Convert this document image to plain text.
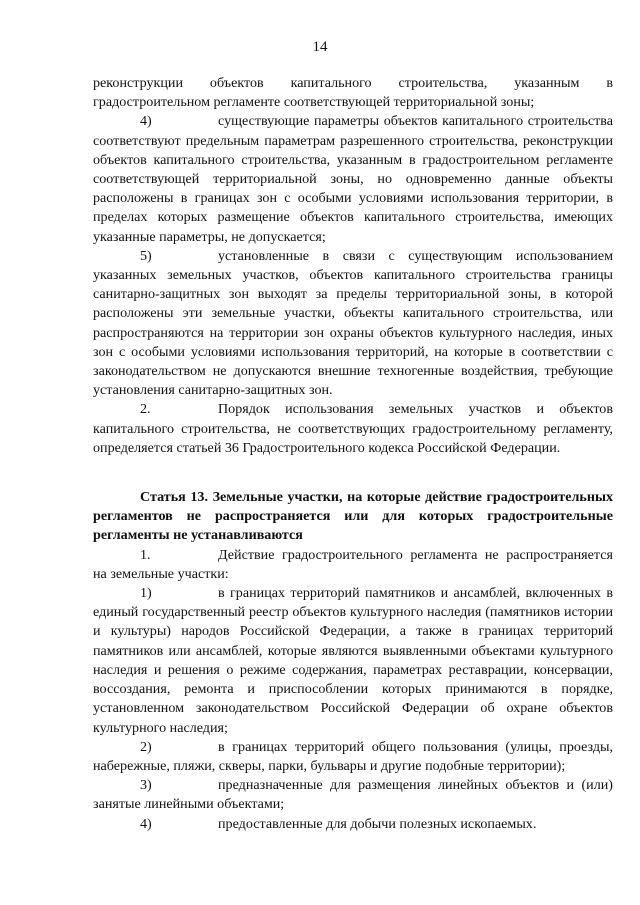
14

реконструкции объектов капитального строительства, указанным в градостроительном регламенте соответствующей территориальной зоны;

4)	существующие параметры объектов капитального строительства соответствуют предельным параметрам разрешенного строительства, реконструкции объектов капитального строительства, указанным в градостроительном регламенте соответствующей территориальной зоны, но одновременно данные объекты расположены в границах зон с особыми условиями использования территории, в пределах которых размещение объектов капитального строительства, имеющих указанные параметры, не допускается;

5)	установленные в связи с существующим использованием указанных земельных участков, объектов капитального строительства границы санитарно-защитных зон выходят за пределы территориальной зоны, в которой расположены эти земельные участки, объекты капитального строительства, или распространяются на территории зон охраны объектов культурного наследия, иных зон с особыми условиями использования территорий, на которые в соответствии с законодательством не допускаются внешние техногенные воздействия, требующие установления санитарно-защитных зон.

2.	Порядок использования земельных участков и объектов капитального строительства, не соответствующих градостроительному регламенту, определяется статьей 36 Градостроительного кодекса Российской Федерации.

Статья 13. Земельные участки, на которые действие градостроительных регламентов не распространяется или для которых градостроительные регламенты не устанавливаются

1.	Действие градостроительного регламента не распространяется на земельные участки:

1)	в границах территорий памятников и ансамблей, включенных в единый государственный реестр объектов культурного наследия (памятников истории и культуры) народов Российской Федерации, а также в границах территорий памятников или ансамблей, которые являются выявленными объектами культурного наследия и решения о режиме содержания, параметрах реставрации, консервации, воссоздания, ремонта и приспособлении которых принимаются в порядке, установленном законодательством Российской Федерации об охране объектов культурного наследия;

2)	в границах территорий общего пользования (улицы, проезды, набережные, пляжи, скверы, парки, бульвары и другие подобные территории);

3)	предназначенные для размещения линейных объектов и (или) занятые линейными объектами;

4)	предоставленные для добычи полезных ископаемых.
